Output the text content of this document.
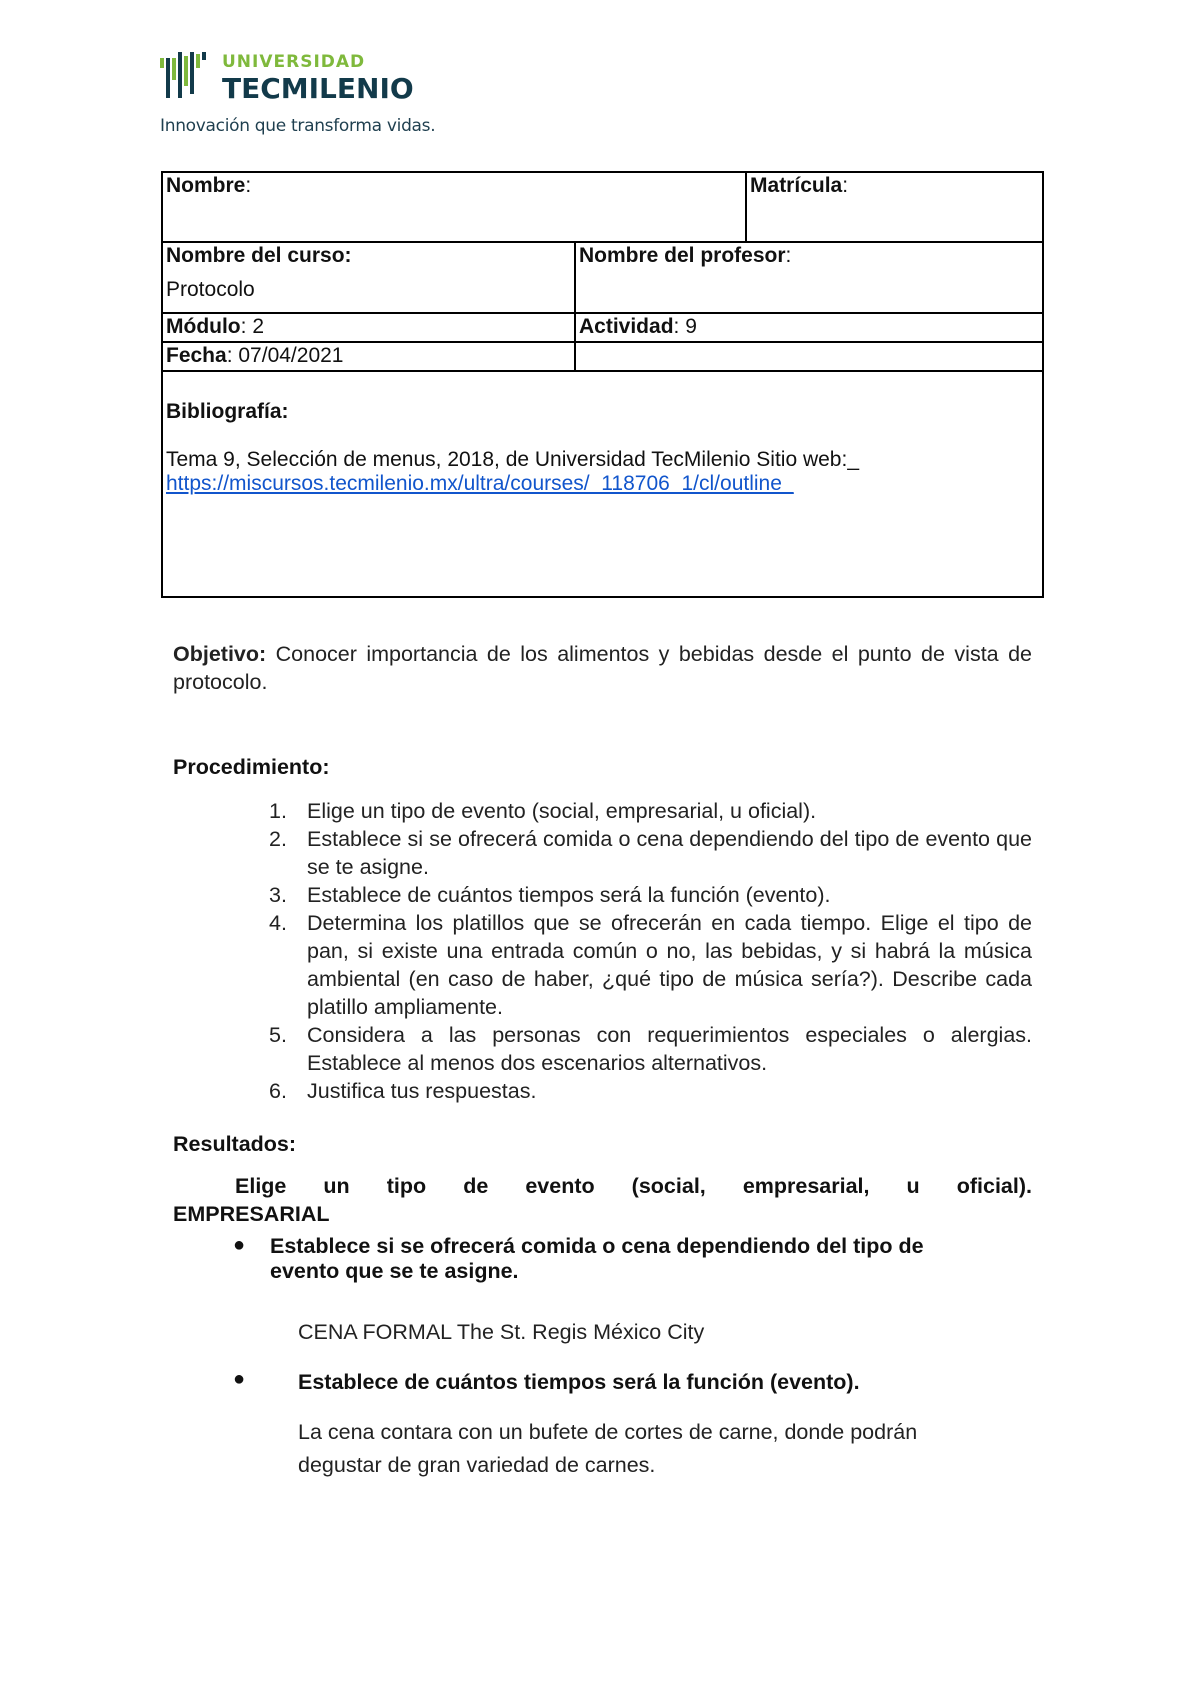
UNIVERSIDAD
TECMILENIO
Innovación que transforma vidas.
Nombre:		Matrícula:

Nombre del curso:
Protocolo	Nombre del profesor:	
Módulo: 2	Actividad: 9	
Fecha: 07/04/2021		

Bibliografía:
Tema 9, Selección de menus, 2018, de Universidad TecMilenio Sitio web:_
https://miscursos.tecmilenio.mx/ultra/courses/_118706_1/cl/outline_		
Objetivo: Conocer importancia de los alimentos y bebidas desde el punto de vista de protocolo.
Procedimiento:
1. Elige un tipo de evento (social, empresarial, u oficial).
2. Establece si se ofrecerá comida o cena dependiendo del tipo de evento que se te asigne.
3. Establece de cuántos tiempos será la función (evento).
4. Determina los platillos que se ofrecerán en cada tiempo. Elige el tipo de pan, si existe una entrada común o no, las bebidas, y si habrá la música ambiental (en caso de haber, ¿qué tipo de música sería?). Describe cada platillo ampliamente.
5. Considera a las personas con requerimientos especiales o alergias. Establece al menos dos escenarios alternativos.
6. Justifica tus respuestas.
Resultados:
Elige un tipo de evento (social, empresarial, u oficial). EMPRESARIAL
● Establece si se ofrecerá comida o cena dependiendo del tipo de evento que se te asigne.
CENA FORMAL The St. Regis México City
● Establece de cuántos tiempos será la función (evento).
La cena contara con un bufete de cortes de carne, donde podrán degustar de gran variedad de carnes.
